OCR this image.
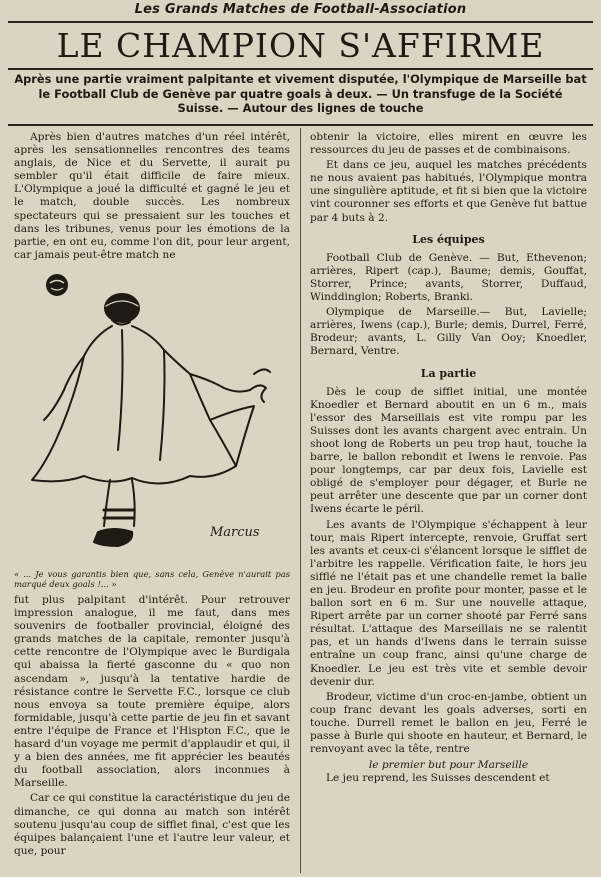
Les Grands Matches de Football-Association
LE CHAMPION S'AFFIRME
Après une partie vraiment palpitante et vivement disputée, l'Olympique de Marseille bat le Football Club de Genève par quatre goals à deux. — Un transfuge de la Société Suisse. — Autour des lignes de touche

Après bien d'autres matches d'un réel intérêt, après les sensationnelles rencontres des teams anglais, de Nice et du Servette, il aurait pu sembler qu'il était difficile de faire mieux. L'Olympique a joué la difficulté et gagné le jeu et le match, double succès. Les nombreux spectateurs qui se pressaient sur les touches et dans les tribunes, venus pour les émotions de la partie, en ont eu, comme l'on dit, pour leur argent, car jamais peut-être match ne

Marcus
« ... Je vous garantis bien que, sans cela, Genève n'aurait pas marqué deux goals !... »

fut plus palpitant d'intérêt. Pour retrouver impression analogue, il me faut, dans mes souvenirs de footballer provincial, éloigné des grands matches de la capitale, remonter jusqu'à cette rencontre de l'Olympique avec le Burdigala qui abaissa la fierté gasconne du « quo non ascendam », jusqu'à la tentative hardie de résistance contre le Servette F.C., lorsque ce club nous envoya sa toute première équipe, alors formidable, jusqu'à cette partie de jeu fin et savant entre l'équipe de France et l'Hispton F.C., que le hasard d'un voyage me permit d'applaudir et qui, il y a bien des années, me fit apprécier les beautés du football association, alors inconnues à Marseille.

Car ce qui constitue la caractéristique du jeu de dimanche, ce qui donna au match son intérêt soutenu jusqu'au coup de sifflet final, c'est que les équipes balançaient l'une et l'autre leur valeur, et que, pour

obtenir la victoire, elles mirent en œuvre les ressources du jeu de passes et de combinaisons.

Et dans ce jeu, auquel les matches précédents ne nous avaient pas habitués, l'Olympique montra une singulière aptitude, et fit si bien que la victoire vint couronner ses efforts et que Genève fut battue par 4 buts à 2.

Les équipes

Football Club de Genève. — But, Ethevenon; arrières, Ripert (cap.), Baume; demis, Gouffat, Storrer, Prince; avants, Storrer, Duffaud, Winddinglon; Roberts, Branki.

Olympique de Marseille.— But, Lavielle; arrières, Iwens (cap.), Burle; demis, Durrel, Ferré, Brodeur; avants, L. Gilly Van Ooy; Knoedler, Bernard, Ventre.

La partie

Dès le coup de sifflet initial, une montée Knoedler et Bernard aboutit en un 6 m., mais l'essor des Marseillais est vite rompu par les Suisses dont les avants chargent avec entrain. Un shoot long de Roberts un peu trop haut, touche la barre, le ballon rebondit et Iwens le renvoie. Pas pour longtemps, car par deux fois, Lavielle est obligé de s'employer pour dégager, et Burle ne peut arrêter une descente que par un corner dont Iwens écarte le péril.

Les avants de l'Olympique s'échappent à leur tour, mais Ripert intercepte, renvoie, Gruffat sert les avants et ceux-ci s'élancent lorsque le sifflet de l'arbitre les rappelle. Vérification faite, le hors jeu sifflé ne l'était pas et une chandelle remet la balle en jeu. Brodeur en profite pour monter, passe et le ballon sort en 6 m. Sur une nouvelle attaque, Ripert arrête par un corner shooté par Ferré sans résultat. L'attaque des Marseillais ne se ralentit pas, et un hands d'Iwens dans le terrain suisse entraîne un coup franc, ainsi qu'une charge de Knoedler. Le jeu est très vite et semble devoir devenir dur.

Brodeur, victime d'un croc-en-jambe, obtient un coup franc devant les goals adverses, sorti en touche. Durrell remet le ballon en jeu, Ferré le passe à Burle qui shoote en hauteur, et Bernard, le renvoyant avec la tête, rentre

le premier but pour Marseille

Le jeu reprend, les Suisses descendent et
